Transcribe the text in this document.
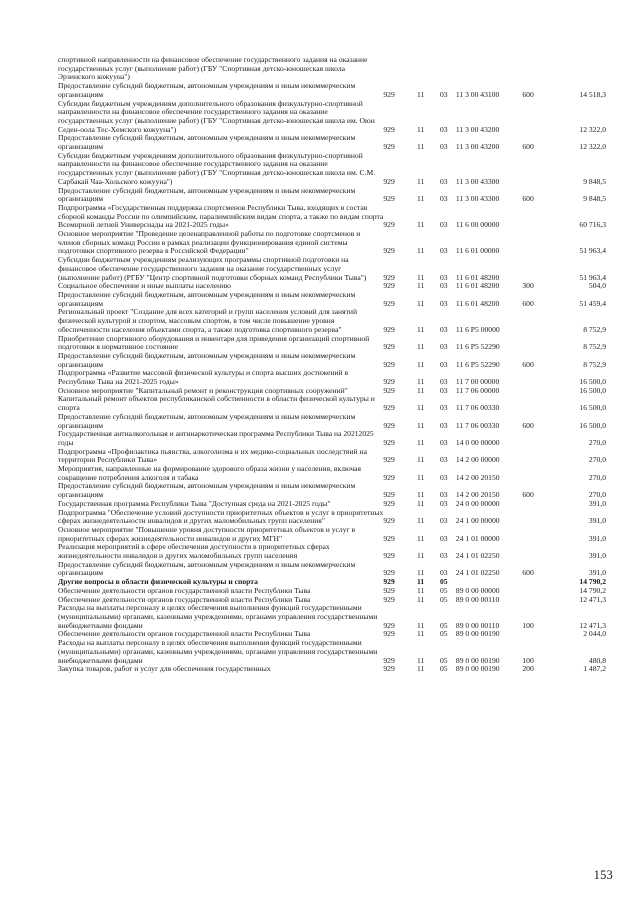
спортивной направленности на финансовое обеспечение государственного задания на оказание государственных услуг (выполнение работ) (ГБУ "Спортивная детско-юношеская школа Эрзинского кожууна")						
Предоставление субсидий бюджетным, автономным учреждениям и иным некоммерческим организациям	929	11	03	11 3 00 43100	600	14 518,3
Субсидии бюджетным учреждениям дополнительного образования физкультурно-спортивной направленности на финансовое обеспечение государственного задания на оказание государственных услуг (выполнение работ) (ГБУ "Спортивная детско-юношеская школа им. Оюн Седен-оола Тес-Хемского кожууна")	929	11	03	11 3 00 43200		12 322,0
Предоставление субсидий бюджетным, автономным учреждениям и иным некоммерческим организациям	929	11	03	11 3 00 43200	600	12 322,0
Субсидии бюджетным учреждениям дополнительного образования физкультурно-спортивной направленности на финансовое обеспечение государственного задания на оказание государственных услуг (выполнение работ) (ГБУ "Спортивная детско-юношеская школа им. С.М. Сарбакай Чаа-Хольского кожууна")	929	11	03	11 3 00 43300		9 848,5
Предоставление субсидий бюджетным, автономным учреждениям и иным некоммерческим организациям	929	11	03	11 3 00 43300	600	9 848,5
Подпрограмма «Государственная поддержка спортсменов Республики Тыва, входящих в состав сборной команды России по олимпийским, паралимпийским видам спорта, а также по видам спорта Всемирной летней Универсиады на 2021-2025 годы»	929	11	03	11 6 00 00000		60 716,3
Основное мероприятие "Проведение целенаправленной работы по подготовке спортсменов и членов сборных команд России в рамках реализации функционирования единой системы подготовки спортивного резерва в Российской Федерации"	929	11	03	11 6 01 00000		51 963,4
Субсидии бюджетным учреждениям реализующих программы спортивной подготовки на финансовое обеспечение государственного задания на оказание государственных услуг (выполнение работ) (РГБУ "Центр спортивной подготовки сборных команд Республики Тыва")	929	11	03	11 6 01 48200		51 963,4
Социальное обеспечение и иные выплаты населению	929	11	03	11 6 01 48200	300	504,0
Предоставление субсидий бюджетным, автономным учреждениям и иным некоммерческим организациям	929	11	03	11 6 01 48200	600	51 459,4
Региональный проект "Создание для всех категорий и групп населения условий для занятий физической культурой и спортом, массовым спортом, в том числе повышение уровня обеспеченности населения объектами спорта, а также подготовка спортивного резерва"	929	11	03	11 6 P5 00000		8 752,9
Приобретение спортивного оборудования и инвентаря для приведения организаций спортивной подготовки в нормативное состояние	929	11	03	11 6 P5 52290		8 752,9
Предоставление субсидий бюджетным, автономным учреждениям и иным некоммерческим организациям	929	11	03	11 6 P5 52290	600	8 752,9
Подпрограмма «Развитие массовой физической культуры и спорта высших достижений в Республике Тыва на 2021-2025 годы»	929	11	03	11 7 00 00000		16 500,0
Основное мероприятие "Капитальный ремонт и реконструкция спортивных сооружений"	929	11	03	11 7 06 00000		16 500,0
Капитальный ремонт объектов республиканской собственности в области физической культуры и спорта	929	11	03	11 7 06 00330		16 500,0
Предоставление субсидий бюджетным, автономным учреждениям и иным некоммерческим организациям	929	11	03	11 7 06 00330	600	16 500,0
Государственная антиалкогольная и антинаркотическая программа Республики Тыва на 20212025 годы	929	11	03	14 0 00 00000		270,0
Подпрограмма «Профилактика пьянства, алкоголизма и их медико-социальных последствий на территории Республики Тыва»	929	11	03	14 2 00 00000		270,0
Мероприятия, направленные на формирование здорового образа жизни у населения, включая сокращение потребления алкоголя и табака	929	11	03	14 2 00 20150		270,0
Предоставление субсидий бюджетным, автономным учреждениям и иным некоммерческим организациям	929	11	03	14 2 00 20150	600	270,0
Государственная программа Республики Тыва "Доступная среда на 2021-2025 годы"	929	11	03	24 0 00 00000		391,0
Подпрограмма "Обеспечение условий доступности приоритетных объектов и услуг в приоритетных сферах жизнедеятельности инвалидов и других маломобильных групп населения"	929	11	03	24 1 00 00000		391,0
Основное мероприятие "Повышение уровня доступности приоритетных объектов и услуг в приоритетных сферах жизнедеятельности инвалидов и других МГН"	929	11	03	24 1 01 00000		391,0
Реализация мероприятий в сфере обеспечения доступности в приоритетных сферах жизнедеятельности инвалидов и других маломобильных групп населения	929	11	03	24 1 01 02250		391,0
Предоставление субсидий бюджетным, автономным учреждениям и иным некоммерческим организациям	929	11	03	24 1 01 02250	600	391,0
Другие вопросы в области физической культуры и спорта	929	11	05			14 790,2
Обеспечение деятельности органов государственной власти Республики Тыва	929	11	05	89 0 00 00000		14 790,2
Обеспечение деятельности органов государственной власти Республики Тыва	929	11	05	89 0 00 00110		12 471,3
Расходы на выплаты персоналу в целях обеспечения выполнения функций государственными (муниципальными) органами, казенными учреждениями, органами управления государственными внебюджетными фондами	929	11	05	89 0 00 00110	100	12 471,3
Обеспечение деятельности органов государственной власти Республики Тыва	929	11	05	89 0 00 00190		2 044,0
Расходы на выплаты персоналу в целях обеспечения выполнения функций государственными (муниципальными) органами, казенными учреждениями, органами управления государственными внебюджетными фондами	929	11	05	89 0 00 00190	100	480,8
Закупка товаров, работ и услуг для обеспечения государственных	929	11	05	89 0 00 00190	200	1 487,2
153
